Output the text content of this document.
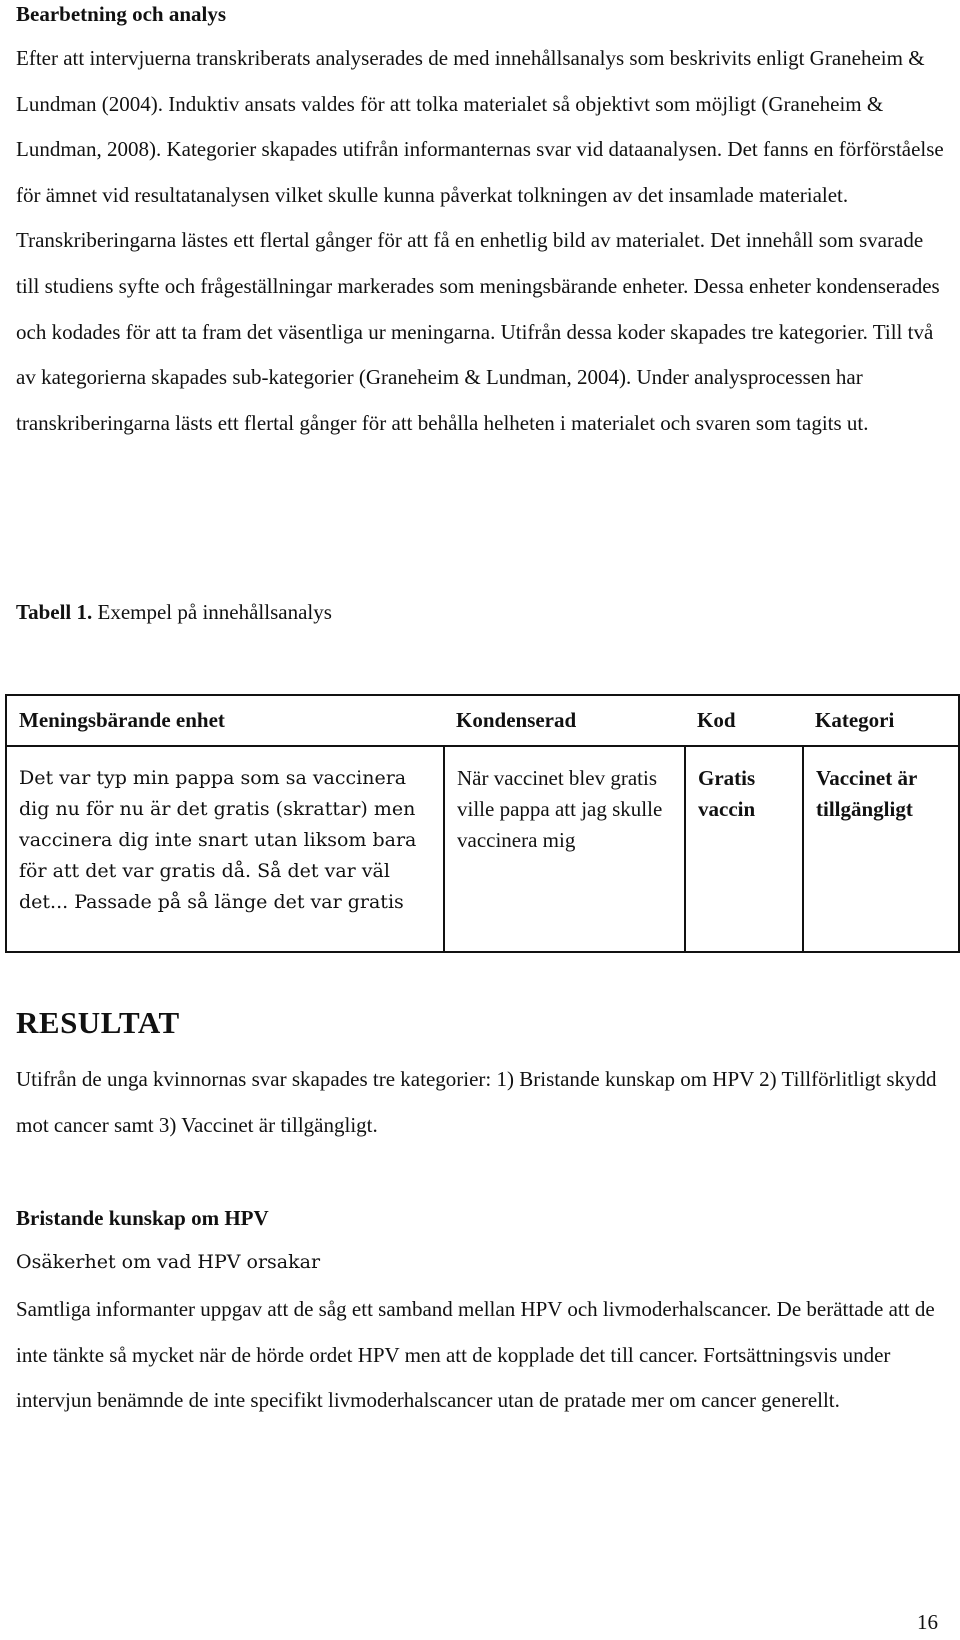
Bearbetning och analys

Efter att intervjuerna transkriberats analyserades de med innehållsanalys som beskrivits enligt Graneheim & Lundman (2004). Induktiv ansats valdes för att tolka materialet så objektivt som möjligt (Graneheim & Lundman, 2008). Kategorier skapades utifrån informanternas svar vid dataanalysen. Det fanns en förförståelse för ämnet vid resultatanalysen vilket skulle kunna påverkat tolkningen av det insamlade materialet. Transkriberingarna lästes ett flertal gånger för att få en enhetlig bild av materialet. Det innehåll som svarade till studiens syfte och frågeställningar markerades som meningsbärande enheter. Dessa enheter kondenserades och kodades för att ta fram det väsentliga ur meningarna. Utifrån dessa koder skapades tre kategorier. Till två av kategorierna skapades sub-kategorier (Graneheim & Lundman, 2004). Under analysprocessen har transkriberingarna lästs ett flertal gånger för att behålla helheten i materialet och svaren som tagits ut.

Tabell 1. Exempel på innehållsanalys

Meningsbärande enhet	Kondenserad	Kod	Kategori
Det var typ min pappa som sa vaccinera dig nu för nu är det gratis (skrattar) men vaccinera dig inte snart utan liksom bara för att det var gratis då. Så det var väl det... Passade på så länge det var gratis	När vaccinet blev gratis ville pappa att jag skulle vaccinera mig	Gratis vaccin	Vaccinet är tillgängligt
RESULTAT

Utifrån de unga kvinnornas svar skapades tre kategorier: 1) Bristande kunskap om HPV 2) Tillförlitligt skydd mot cancer samt 3) Vaccinet är tillgängligt.

Bristande kunskap om HPV

Osäkerhet om vad HPV orsakar

Samtliga informanter uppgav att de såg ett samband mellan HPV och livmoderhalscancer. De berättade att de inte tänkte så mycket när de hörde ordet HPV men att de kopplade det till cancer. Fortsättningsvis under intervjun benämnde de inte specifikt livmoderhalscancer utan de pratade mer om cancer generellt.

16
